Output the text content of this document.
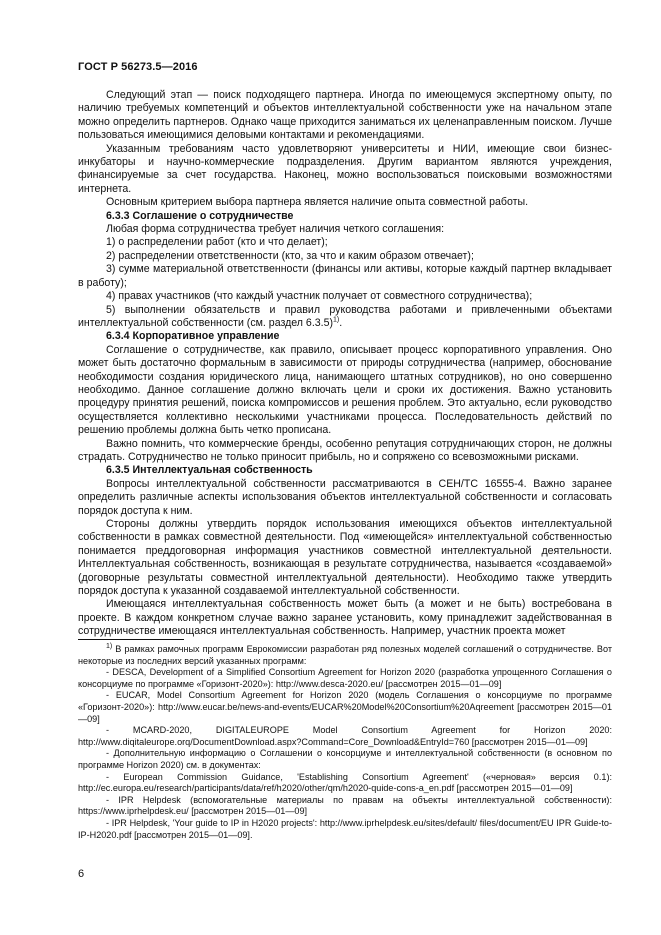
ГОСТ Р 56273.5—2016

Следующий этап — поиск подходящего партнера. Иногда по имеющемуся экспертному опыту, по наличию требуемых компетенций и объектов интеллектуальной собственности уже на начальном этапе можно определить партнеров. Однако чаще приходится заниматься их целенаправленным поиском. Лучше пользоваться имеющимися деловыми контактами и рекомендациями.

Указанным требованиям часто удовлетворяют университеты и НИИ, имеющие свои бизнес-инкубаторы и научно-коммерческие подразделения. Другим вариантом являются учреждения, финансируемые за счет государства. Наконец, можно воспользоваться поисковыми возможностями интернета.

Основным критерием выбора партнера является наличие опыта совместной работы.

6.3.3 Соглашение о сотрудничестве

Любая форма сотрудничества требует наличия четкого соглашения:

1) о распределении работ (кто и что делает);

2) распределении ответственности (кто, за что и каким образом отвечает);

3) сумме материальной ответственности (финансы или активы, которые каждый партнер вкладывает в работу);

4) правах участников (что каждый участник получает от совместного сотрудничества);

5) выполнении обязательств и правил руководства работами и привлеченными объектами интеллектуальной собственности (см. раздел 6.3.5)$^{1)}$.

6.3.4 Корпоративное управление

Соглашение о сотрудничестве, как правило, описывает процесс корпоративного управления. Оно может быть достаточно формальным в зависимости от природы сотрудничества (например, обоснование необходимости создания юридического лица, нанимающего штатных сотрудников), но оно совершенно необходимо. Данное соглашение должно включать цели и сроки их достижения. Важно установить процедуру принятия решений, поиска компромиссов и решения проблем. Это актуально, если руководство осуществляется коллективно несколькими участниками процесса. Последовательность действий по решению проблемы должна быть четко прописана.

Важно помнить, что коммерческие бренды, особенно репутация сотрудничающих сторон, не должны страдать. Сотрудничество не только приносит прибыль, но и сопряжено со всевозможными рисками.

6.3.5 Интеллектуальная собственность

Вопросы интеллектуальной собственности рассматриваются в CEH/TC 16555-4. Важно заранее определить различные аспекты использования объектов интеллектуальной собственности и согласовать порядок доступа к ним.

Стороны должны утвердить порядок использования имеющихся объектов интеллектуальной собственности в рамках совместной деятельности. Под «имеющейся» интеллектуальной собственностью понимается преддоговорная информация участников совместной интеллектуальной деятельности. Интеллектуальная собственность, возникающая в результате сотрудничества, называется «создаваемой» (договорные результаты совместной интеллектуальной деятельности). Необходимо также утвердить порядок доступа к указанной создаваемой интеллектуальной собственности.

Имеющаяся интеллектуальная собственность может быть (а может и не быть) востребована в проекте. В каждом конкретном случае важно заранее установить, кому принадлежит задействованная в сотрудничестве имеющаяся интеллектуальная собственность. Например, участник проекта может

$^{1)}$ В рамках рамочных программ Еврокомиссии разработан ряд полезных моделей соглашений о сотрудничестве. Вот некоторые из последних версий указанных программ:

- DESCA, Development of a Simplified Consortium Agreement for Horizon 2020 (разработка упрощенного Соглашения о консорциуме по программе «Горизонт-2020»): http://www.desca-2020.eu/ [рассмотрен 2015—01—09]

- EUCAR, Model Consortium Agreement for Horizon 2020 (модель Соглашения о консорциуме по программе «Горизонт-2020»): http://www.eucar.be/news-and-events/EUCAR%20Model%20Consortium%20Aqreement [рассмотрен 2015—01—09]

- MCARD-2020, DIGITALEUROPE Model Consortium Agreement for Horizon 2020: http://www.diqitaleurope.orq/DocumentDownload.aspx?Command=Core_Download&EntryId=760 [рассмотрен 2015—01—09]

- Дополнительную информацию о Соглашении о консорциуме и интеллектуальной собственности (в основном по программе Horizon 2020) см. в документах:

- European Commission Guidance, 'Establishing Consortium Agreement' («черновая» версия 0.1): http://ec.europa.eu/research/participants/data/ref/h2020/other/qm/h2020-quide-cons-a_en.pdf [рассмотрен 2015—01—09]

- IPR Helpdesk (вспомогательные материалы по правам на объекты интеллектуальной собственности): https://www.iprhelpdesk.eu/ [рассмотрен 2015—01—09]

- IPR Helpdesk, 'Your guide to IP in H2020 projects': http://www.iprhelpdesk.eu/sites/default/ files/document/EU IPR Guide-to-IP-H2020.pdf [рассмотрен 2015—01—09].

6
